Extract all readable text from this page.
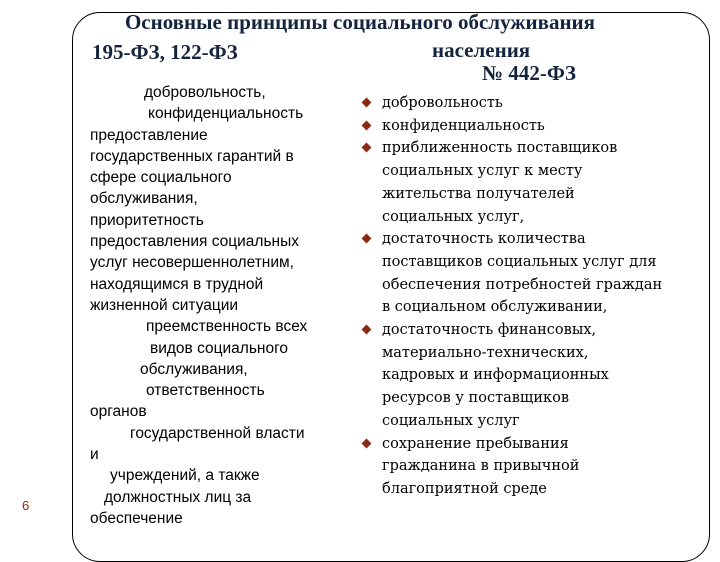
Основные принципы социального обслуживания
195-ФЗ, 122-ФЗ	населения
№ 442-ФЗ
добровольность,
конфиденциальность
предоставление
государственных гарантий в
сфере социального
обслуживания,
приоритетность
предоставления социальных
услуг несовершеннолетним,
находящимся в трудной
жизненной ситуации
преемственность всех
видов социального
обслуживания,
ответственность
органов
государственной власти
и
учреждений, а также
должностных лиц за
обеспечение
добровольность
конфиденциальность
приближенность поставщиков
социальных услуг к месту
жительства получателей
социальных услуг,
достаточность количества
поставщиков социальных услуг для
обеспечения потребностей граждан
в социальном обслуживании,
достаточность финансовых,
материально-технических,
кадровых и информационных
ресурсов у поставщиков
социальных услуг
сохранение пребывания
гражданина в привычной
благоприятной среде
6
